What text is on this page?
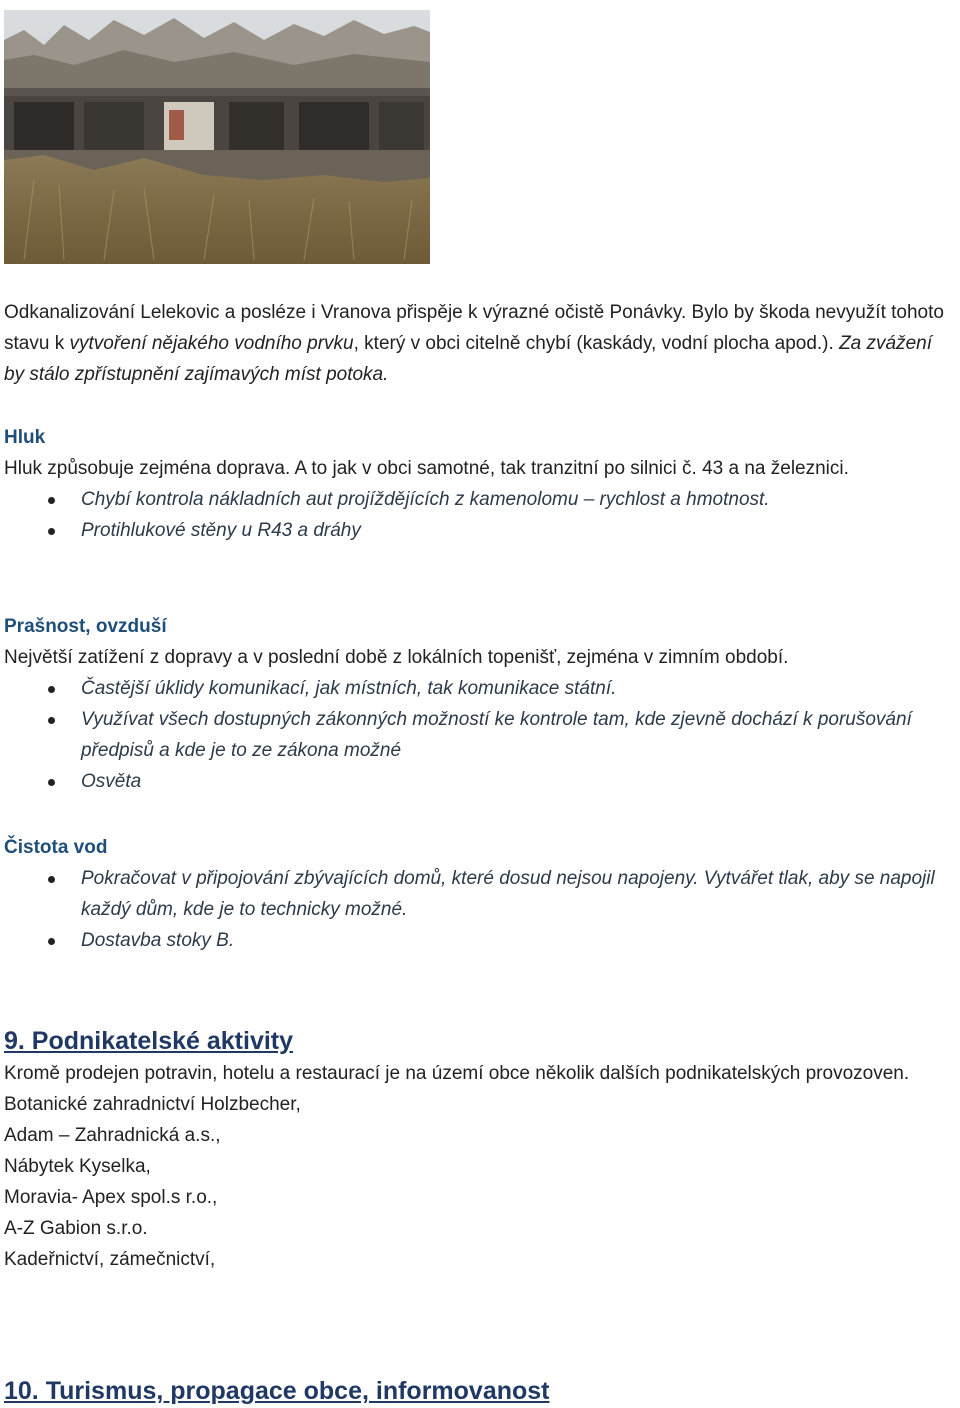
Odkanalizování Lelekovic a posléze i Vranova přispěje k výrazné očistě Ponávky. Bylo by škoda nevyužít tohoto stavu k vytvoření nějakého vodního prvku, který v obci citelně chybí (kaskády, vodní plocha apod.). Za zvážení by stálo zpřístupnění zajímavých míst potoka.

Hluk

Hluk způsobuje zejména doprava. A to jak v obci samotné, tak tranzitní po silnici č. 43 a na železnici.

Chybí kontrola nákladních aut projíždějících z kamenolomu – rychlost a hmotnost.
Protihlukové stěny u R43 a dráhy

Prašnost, ovzduší

Největší zatížení z dopravy a v poslední době z lokálních topenišť, zejména v zimním období.

Častější úklidy komunikací, jak místních, tak komunikace státní.
Využívat všech dostupných zákonných možností ke kontrole tam, kde zjevně dochází k porušování předpisů a kde je to ze zákona možné
Osvěta

Čistota vod

Pokračovat v připojování zbývajících domů, které dosud nejsou napojeny. Vytvářet tlak, aby se napojil každý dům, kde je to technicky možné.
Dostavba stoky B.

9. Podnikatelské aktivity

Kromě prodejen potravin, hotelu a restaurací je na území obce několik dalších podnikatelských provozoven.

Botanické zahradnictví Holzbecher,

Adam – Zahradnická a.s.,

Nábytek Kyselka,

Moravia- Apex spol.s r.o.,

A-Z Gabion s.r.o.

Kadeřnictví, zámečnictví,

10. Turismus, propagace obce, informovanost
